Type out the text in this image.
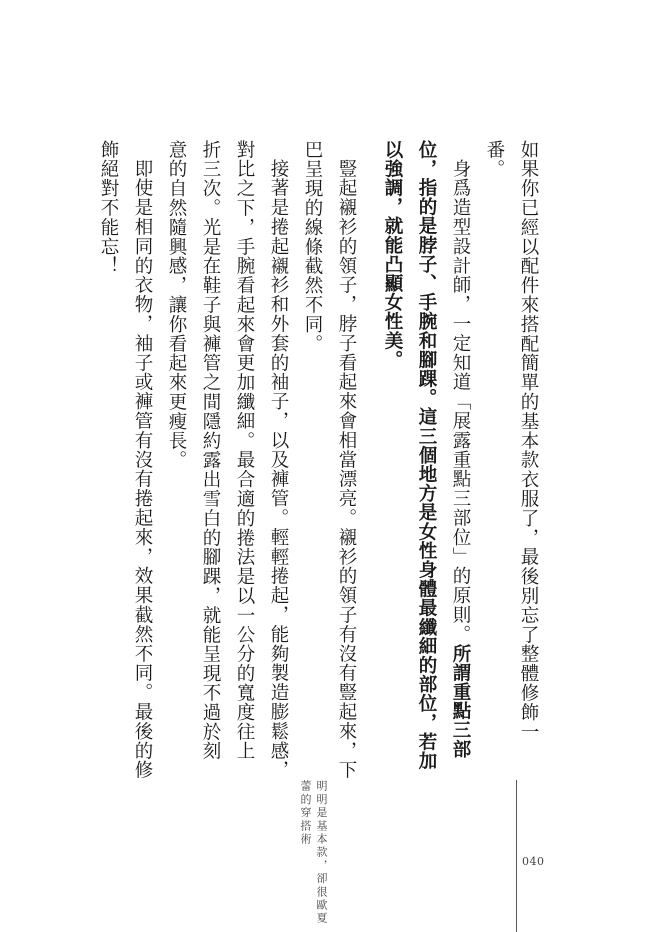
如果你已經以配件來搭配簡單的基本款衣服了，最後別忘了整體修飾一番。

身爲造型設計師，一定知道「展露重點三部位」的原則。所謂重點三部位，指的是脖子、手腕和腳踝。這三個地方是女性身體最纖細的部位，若加以強調，就能凸顯女性美。

豎起襯衫的領子，脖子看起來會相當漂亮。襯衫的領子有沒有豎起來，下巴呈現的線條截然不同。

接著是捲起襯衫和外套的袖子，以及褲管。輕輕捲起，能夠製造膨鬆感，對比之下，手腕看起來會更加纖細。最合適的捲法是以一公分的寬度往上折三次。光是在鞋子與褲管之間隱約露出雪白的腳踝，就能呈現不過於刻意的自然隨興感，讓你看起來更瘦長。

即使是相同的衣物，袖子或褲管有沒有捲起來，效果截然不同。最後的修飾絕對不能忘！

明明是基本款，卻很歐夏蕾的穿搭術
040
